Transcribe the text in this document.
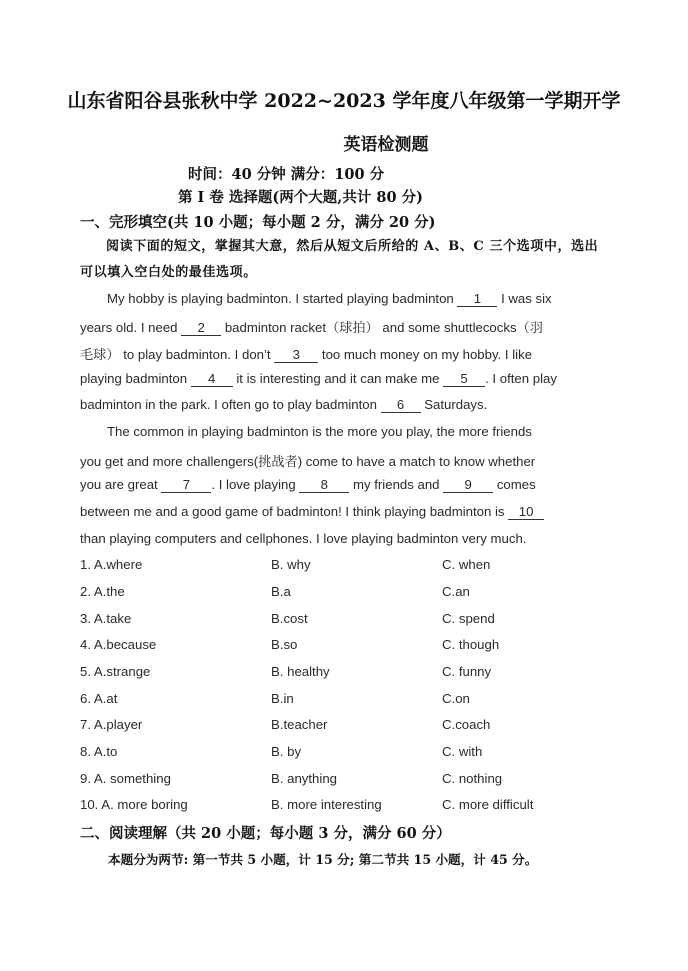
山东省阳谷县张秋中学 2022~2023 学年度八年级第一学期开学
英语检测题
时间：40 分钟 满分：100 分
第 I 卷 选择题(两个大题,共计 80 分)
一、完形填空(共 10 小题；每小题 2 分，满分 20 分)
阅读下面的短文，掌握其大意，然后从短文后所给的 A、B、C 三个选项中，选出可以填入空白处的最佳选项。
My hobby is playing badminton. I started playing badminton 1 I was six
years old. I need 2 badminton racket（球拍） and some shuttlecocks（羽
毛球） to play badminton. I don’t 3 too much money on my hobby. I like
playing badminton 4 it is interesting and it can make me 5 . I often play
badminton in the park. I often go to play badminton 6 Saturdays.
The common in playing badminton is the more you play, the more friends
you get and more challengers(挑战者) come to have a match to know whether
you are great 7 . I love playing 8 my friends and 9 comes
between me and a good game of badminton! I think playing badminton is 10
than playing computers and cellphones. I love playing badminton very much.
1. A.where	B. why	C. when
2. A.the	B.a	C.an
3. A.take	B.cost	C. spend
4. A.because	B.so	C. though
5. A.strange	B. healthy	C. funny
6. A.at	B.in	C.on
7. A.player	B.teacher	C.coach
8. A.to	B. by	C. with
9. A. something	B. anything	C. nothing
10. A. more boring	B. more interesting	C. more difficult
二、阅读理解（共 20 小题；每小题 3 分，满分 60 分）
本题分为两节: 第一节共 5 小题，计 15 分; 第二节共 15 小题，计 45 分。
